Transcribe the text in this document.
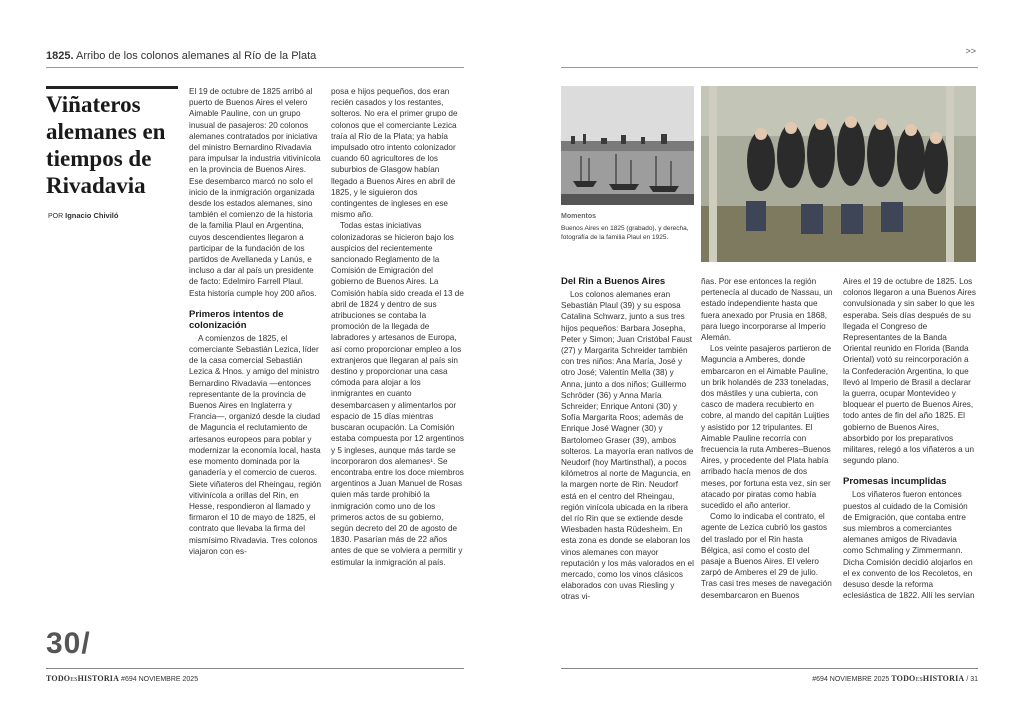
1825. Arribo de los colonos alemanes al Río de la Plata	>>
Viñateros alemanes en tiempos de Rivadavia
POR Ignacio Chiviló

El 19 de octubre de 1825 arribó al puerto de Buenos Aires el velero Aimable Pauline, con un grupo inusual de pasajeros: 20 colonos alemanes contratados por iniciativa del ministro Bernardino Rivadavia para impulsar la industria vitivinícola en la provincia de Buenos Aires. Ese desembarco marcó no solo el inicio de la inmigración organizada desde los estados alemanes, sino también el comienzo de la historia de la familia Plaul en Argentina, cuyos descendientes llegaron a participar de la fundación de los partidos de Avellaneda y Lanús, e incluso a dar al país un presidente de facto: Edelmiro Farrell Plaul. Esta historia cumple hoy 200 años.

Primeros intentos de colonización

A comienzos de 1825, el comerciante Sebastián Lezica, líder de la casa comercial Sebastián Lezica & Hnos. y amigo del ministro Bernardino Rivadavia —entonces representante de la provincia de Buenos Aires en Inglaterra y Francia—, organizó desde la ciudad de Maguncia el reclutamiento de artesanos europeos para poblar y modernizar la economía local, hasta ese momento dominada por la ganadería y el comercio de cueros. Siete viñateros del Rheingau, región vitivinícola a orillas del Rin, en Hesse, respondieron al llamado y firmaron el 10 de mayo de 1825, el contrato que llevaba la firma del mismísimo Rivadavia. Tres colonos viajaron con es-

posa e hijos pequeños, dos eran recién casados y los restantes, solteros. No era el primer grupo de colonos que el comerciante Lezica traía al Río de la Plata; ya había impulsado otro intento colonizador cuando 60 agricultores de los suburbios de Glasgow habían llegado a Buenos Aires en abril de 1825, y le siguieron dos contingentes de ingleses en ese mismo año.

Todas estas iniciativas colonizadoras se hicieron bajo los auspicios del recientemente sancionado Reglamento de la Comisión de Emigración del gobierno de Buenos Aires. La Comisión había sido creada el 13 de abril de 1824 y dentro de sus atribuciones se contaba la promoción de la llegada de labradores y artesanos de Europa, así como proporcionar empleo a los extranjeros que llegaran al país sin destino y proporcionar una casa cómoda para alojar a los inmigrantes en cuanto desembarcasen y alimentarlos por espacio de 15 días mientras buscaran ocupación. La Comisión estaba compuesta por 12 argentinos y 5 ingleses, aunque más tarde se incorporaron dos alemanes¹. Se encontraba entre los doce miembros argentinos a Juan Manuel de Rosas quien más tarde prohibió la inmigración como uno de los primeros actos de su gobierno, según decreto del 20 de agosto de 1830. Pasarían más de 22 años antes de que se volviera a permitir y estimular la inmigración al país.

30/
Momentos
Buenos Aires en 1825 (grabado), y derecha, fotografía de la familia Plaul en 1925.
Del Rin a Buenos Aires

Los colonos alemanes eran Sebastián Plaul (39) y su esposa Catalina Schwarz, junto a sus tres hijos pequeños: Barbara Josepha, Peter y Simon; Juan Cristóbal Faust (27) y Margarita Schreider también con tres niños: Ana María, José y otro José; Valentín Mella (38) y Anna, junto a dos niños; Guillermo Schröder (36) y Anna María Schreider; Enrique Antoni (30) y Sofía Margarita Roos; además de Enrique José Wagner (30) y Bartolomeo Graser (39), ambos solteros. La mayoría eran nativos de Neudorf (hoy Martinsthal), a pocos kilómetros al norte de Maguncia, en la margen norte de Rin. Neudorf está en el centro del Rheingau, región vinícola ubicada en la ribera del río Rin que se extiende desde Wiesbaden hasta Rüdesheim. En esta zona es donde se elaboran los vinos alemanes con mayor reputación y los más valorados en el mercado, como los vinos clásicos elaborados con uvas Riesling y otras vi-

ñas. Por ese entonces la región pertenecía al ducado de Nassau, un estado independiente hasta que fuera anexado por Prusia en 1868, para luego incorporarse al Imperio Alemán.

Los veinte pasajeros partieron de Maguncia a Amberes, donde embarcaron en el Aimable Pauline, un brik holandés de 233 toneladas, dos mástiles y una cubierta, con casco de madera recubierto en cobre, al mando del capitán Luijties y asistido por 12 tripulantes. El Aimable Pauline recorría con frecuencia la ruta Amberes–Buenos Aires, y procedente del Plata había arribado hacía menos de dos meses, por fortuna esta vez, sin ser atacado por piratas como había sucedido el año anterior.

Como lo indicaba el contrato, el agente de Lezica cubrió los gastos del traslado por el Rin hasta Bélgica, así como el costo del pasaje a Buenos Aires. El velero zarpó de Amberes el 29 de julio. Tras casi tres meses de navegación desembarcaron en Buenos

Aires el 19 de octubre de 1825. Los colonos llegaron a una Buenos Aires convulsionada y sin saber lo que les esperaba. Seis días después de su llegada el Congreso de Representantes de la Banda Oriental reunido en Florida (Banda Oriental) votó su reincorporación a la Confederación Argentina, lo que llevó al Imperio de Brasil a declarar la guerra, ocupar Montevideo y bloquear el puerto de Buenos Aires, todo antes de fin del año 1825. El gobierno de Buenos Aires, absorbido por los preparativos militares, relegó a los viñateros a un segundo plano.

Promesas incumplidas

Los viñateros fueron entonces puestos al cuidado de la Comisión de Emigración, que contaba entre sus miembros a comerciantes alemanes amigos de Rivadavia como Schmaling y Zimmermann. Dicha Comisión decidió alojarlos en el ex convento de los Recoletos, en desuso desde la reforma eclesiástica de 1822. Allí les servían

TODOESHISTORIA #694 NOVIEMBRE 2025	#694 NOVIEMBRE 2025 TODOESHISTORIA / 31
